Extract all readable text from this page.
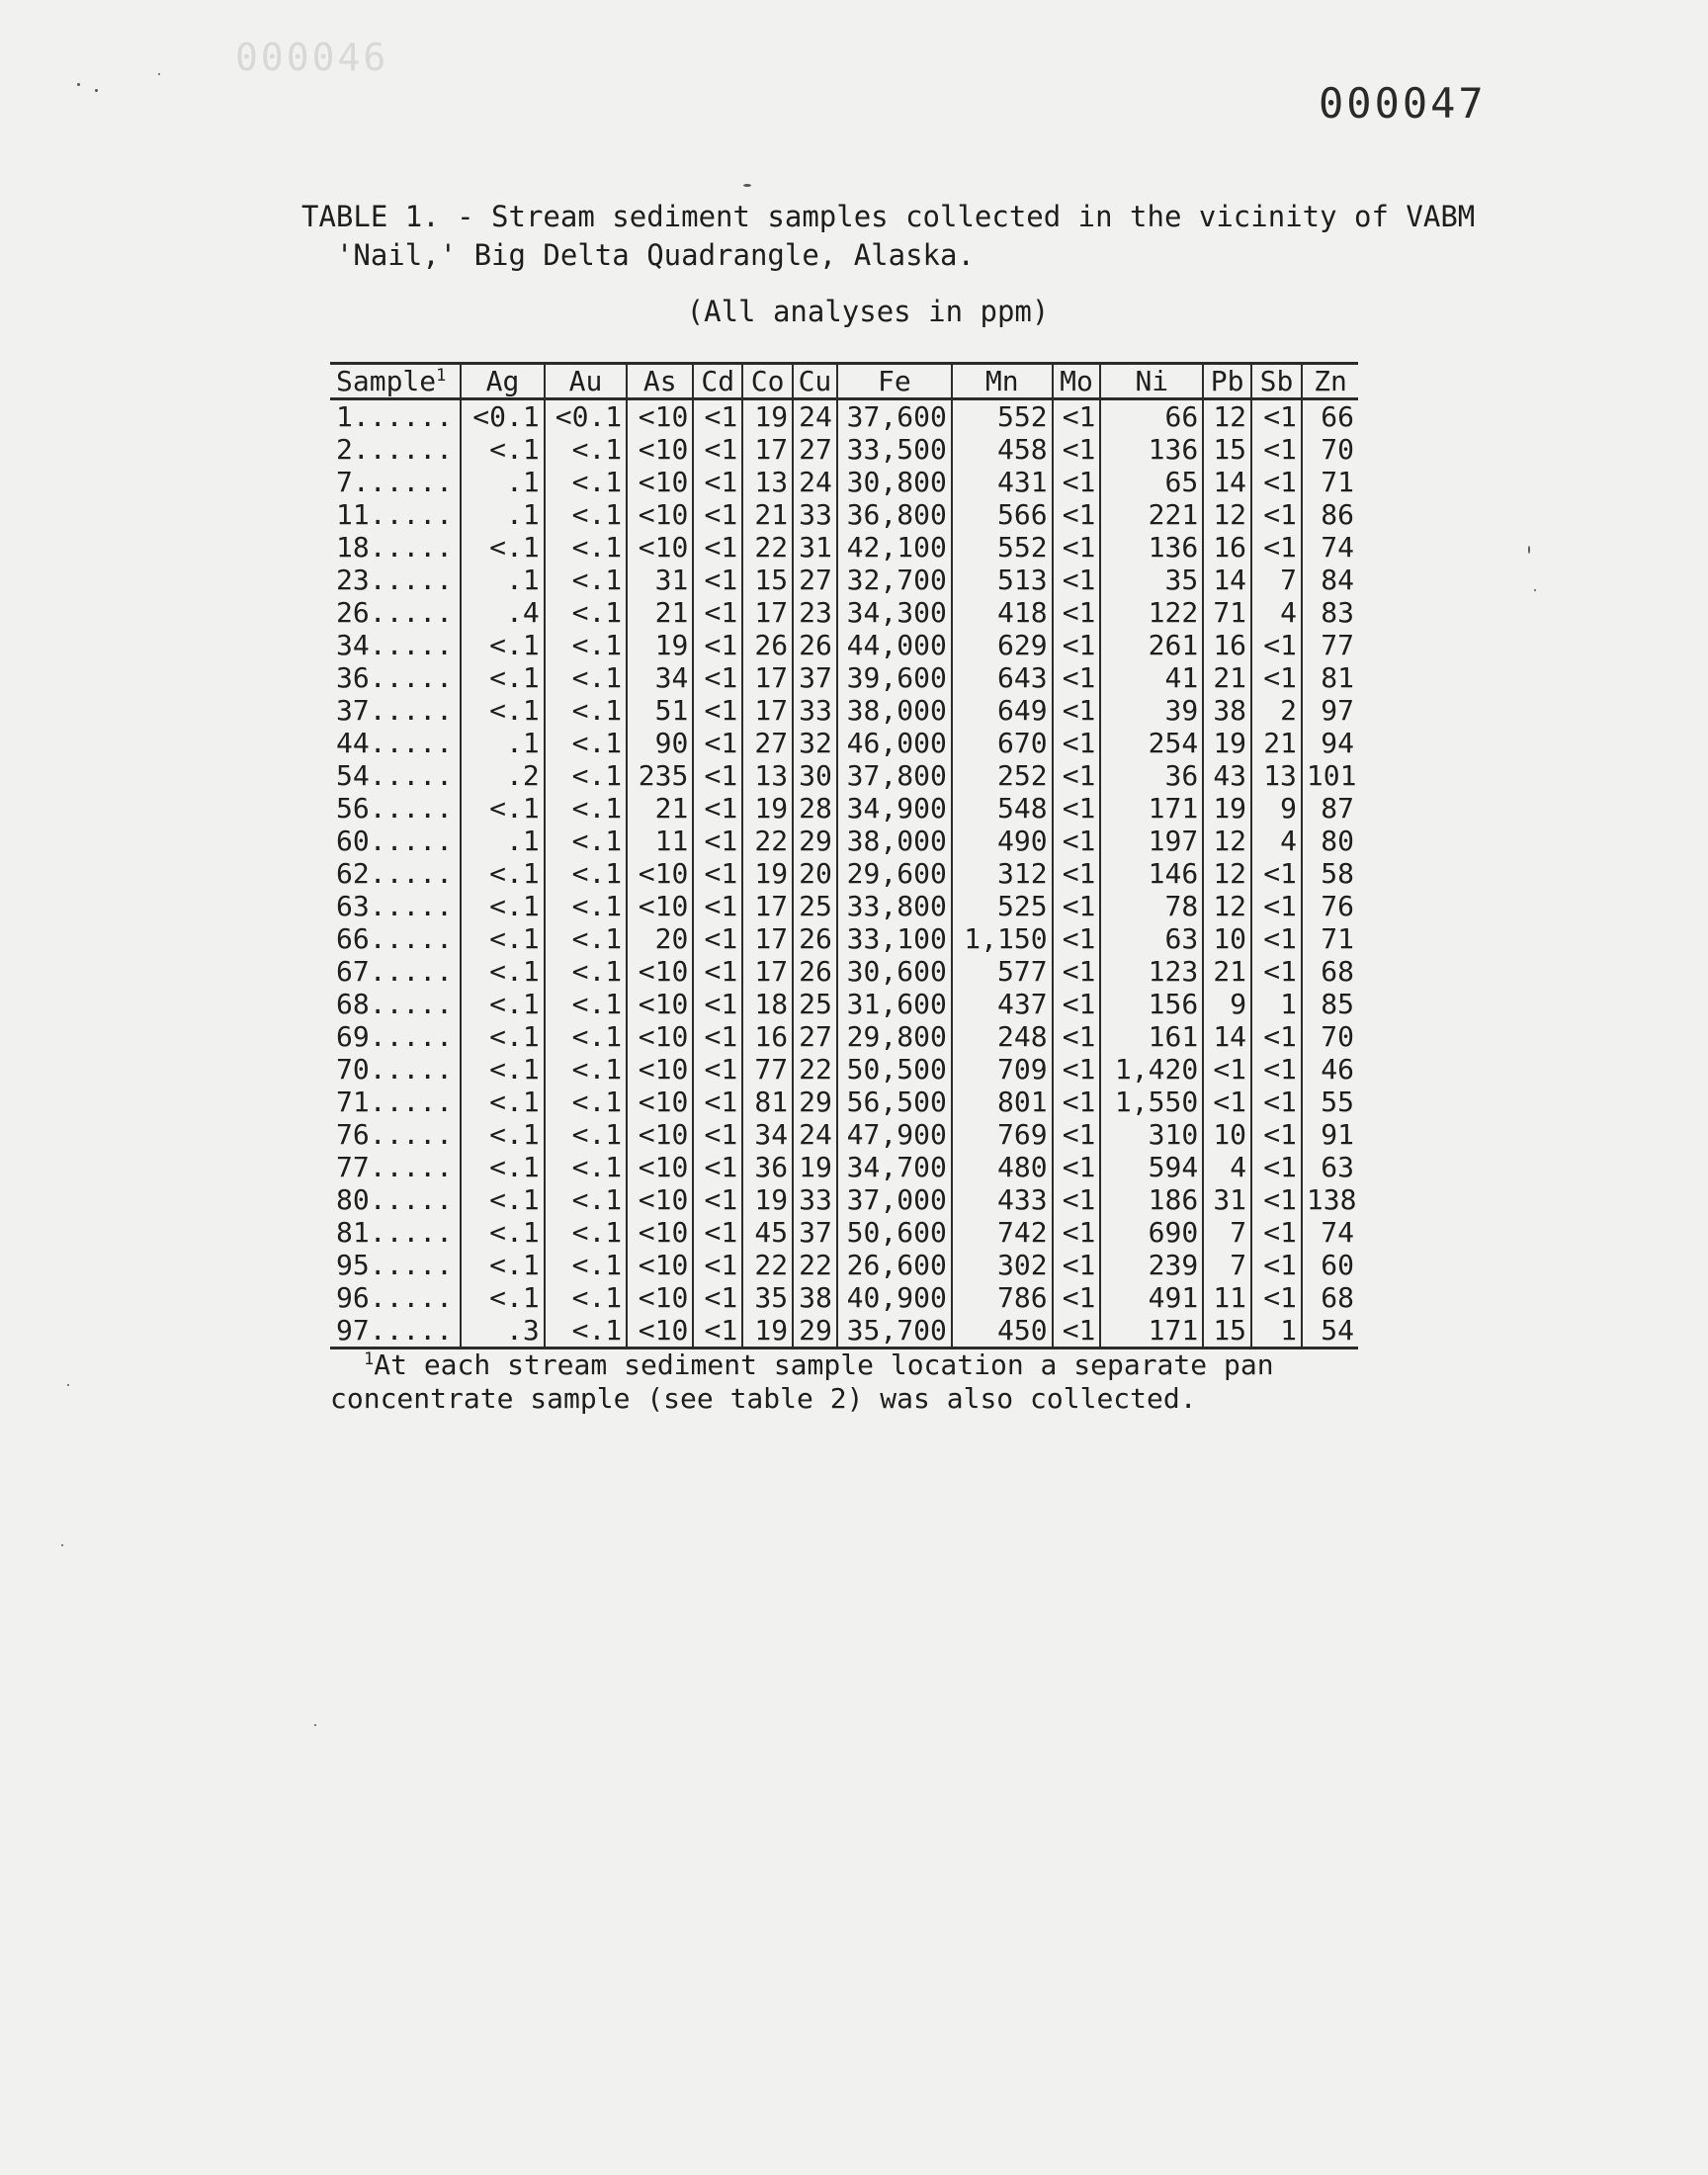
000046
000047
TABLE 1. - Stream sediment samples collected in the vicinity of VABM
'Nail,' Big Delta Quadrangle, Alaska.
(All analyses in ppm)
Sample$^1$	Ag	Au	As	Cd	Co	Cu	Fe	Mn	Mo	Ni	Pb	Sb	Zn
1......	<0.1	<0.1	<10	<1	19	24	37,600	552	<1	66	12	<1	66
2......	<.1	<.1	<10	<1	17	27	33,500	458	<1	136	15	<1	70
7......	.1	<.1	<10	<1	13	24	30,800	431	<1	65	14	<1	71
11.....	.1	<.1	<10	<1	21	33	36,800	566	<1	221	12	<1	86
18.....	<.1	<.1	<10	<1	22	31	42,100	552	<1	136	16	<1	74
23.....	.1	<.1	31	<1	15	27	32,700	513	<1	35	14	7	84
26.....	.4	<.1	21	<1	17	23	34,300	418	<1	122	71	4	83
34.....	<.1	<.1	19	<1	26	26	44,000	629	<1	261	16	<1	77
36.....	<.1	<.1	34	<1	17	37	39,600	643	<1	41	21	<1	81
37.....	<.1	<.1	51	<1	17	33	38,000	649	<1	39	38	2	97
44.....	.1	<.1	90	<1	27	32	46,000	670	<1	254	19	21	94
54.....	.2	<.1	235	<1	13	30	37,800	252	<1	36	43	13	101
56.....	<.1	<.1	21	<1	19	28	34,900	548	<1	171	19	9	87
60.....	.1	<.1	11	<1	22	29	38,000	490	<1	197	12	4	80
62.....	<.1	<.1	<10	<1	19	20	29,600	312	<1	146	12	<1	58
63.....	<.1	<.1	<10	<1	17	25	33,800	525	<1	78	12	<1	76
66.....	<.1	<.1	20	<1	17	26	33,100	1,150	<1	63	10	<1	71
67.....	<.1	<.1	<10	<1	17	26	30,600	577	<1	123	21	<1	68
68.....	<.1	<.1	<10	<1	18	25	31,600	437	<1	156	9	1	85
69.....	<.1	<.1	<10	<1	16	27	29,800	248	<1	161	14	<1	70
70.....	<.1	<.1	<10	<1	77	22	50,500	709	<1	1,420	<1	<1	46
71.....	<.1	<.1	<10	<1	81	29	56,500	801	<1	1,550	<1	<1	55
76.....	<.1	<.1	<10	<1	34	24	47,900	769	<1	310	10	<1	91
77.....	<.1	<.1	<10	<1	36	19	34,700	480	<1	594	4	<1	63
80.....	<.1	<.1	<10	<1	19	33	37,000	433	<1	186	31	<1	138
81.....	<.1	<.1	<10	<1	45	37	50,600	742	<1	690	7	<1	74
95.....	<.1	<.1	<10	<1	22	22	26,600	302	<1	239	7	<1	60
96.....	<.1	<.1	<10	<1	35	38	40,900	786	<1	491	11	<1	68
97.....	.3	<.1	<10	<1	19	29	35,700	450	<1	171	15	1	54
$^1$At each stream sediment sample location a separate pan concentrate sample (see table 2) was also collected.
